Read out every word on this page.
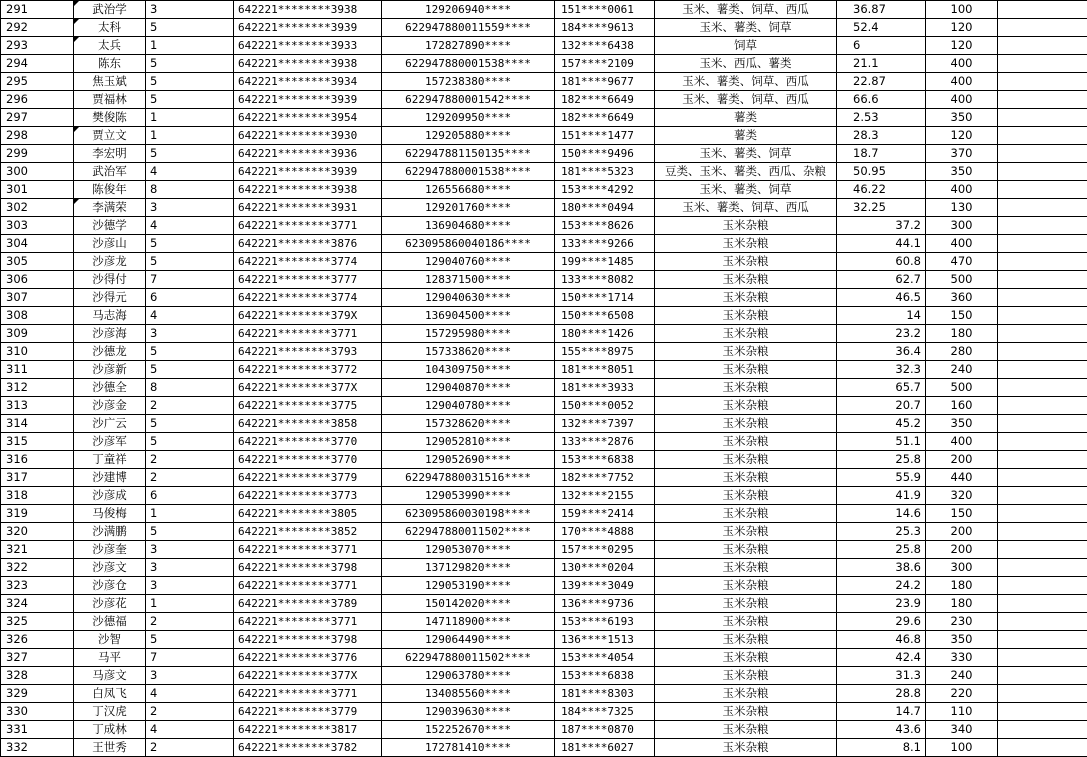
291	武治学	3	642221********3938	129206940****	151****0061	玉米、薯类、饲草、西瓜	36.87	100	
292	太科	5	642221********3939	622947880011559****	184****9613	玉米、薯类、饲草	52.4	120	
293	太兵	1	642221********3933	172827890****	132****6438	饲草	6	120	
294	陈东	5	642221********3938	622947880001538****	157****2109	玉米、西瓜、薯类	21.1	400	
295	焦玉斌	5	642221********3934	157238380****	181****9677	玉米、薯类、饲草、西瓜	22.87	400	
296	贾福林	5	642221********3939	622947880001542****	182****6649	玉米、薯类、饲草、西瓜	66.6	400	
297	樊俊陈	1	642221********3954	129209950****	182****6649	薯类	2.53	350	
298	贾立文	1	642221********3930	129205880****	151****1477	薯类	28.3	120	
299	李宏明	5	642221********3936	622947881150135****	150****9496	玉米、薯类、饲草	18.7	370	
300	武治军	4	642221********3939	622947880001538****	181****5323	豆类、玉米、薯类、西瓜、杂粮	50.95	350	
301	陈俊年	8	642221********3938	126556680****	153****4292	玉米、薯类、饲草	46.22	400	
302	李满荣	3	642221********3931	129201760****	180****0494	玉米、薯类、饲草、西瓜	32.25	130	
303	沙德学	4	642221********3771	136904680****	153****8626	玉米杂粮	37.2	300	
304	沙彦山	5	642221********3876	623095860040186****	133****9266	玉米杂粮	44.1	400	
305	沙彦龙	5	642221********3774	129040760****	199****1485	玉米杂粮	60.8	470	
306	沙得付	7	642221********3777	128371500****	133****8082	玉米杂粮	62.7	500	
307	沙得元	6	642221********3774	129040630****	150****1714	玉米杂粮	46.5	360	
308	马志海	4	642221********379X	136904500****	150****6508	玉米杂粮	14	150	
309	沙彦海	3	642221********3771	157295980****	180****1426	玉米杂粮	23.2	180	
310	沙德龙	5	642221********3793	157338620****	155****8975	玉米杂粮	36.4	280	
311	沙彦新	5	642221********3772	104309750****	181****8051	玉米杂粮	32.3	240	
312	沙德全	8	642221********377X	129040870****	181****3933	玉米杂粮	65.7	500	
313	沙彦金	2	642221********3775	129040780****	150****0052	玉米杂粮	20.7	160	
314	沙广云	5	642221********3858	157328620****	132****7397	玉米杂粮	45.2	350	
315	沙彦军	5	642221********3770	129052810****	133****2876	玉米杂粮	51.1	400	
316	丁童祥	2	642221********3770	129052690****	153****6838	玉米杂粮	25.8	200	
317	沙建博	2	642221********3779	622947880031516****	182****7752	玉米杂粮	55.9	440	
318	沙彦成	6	642221********3773	129053990****	132****2155	玉米杂粮	41.9	320	
319	马俊梅	1	642221********3805	623095860030198****	159****2414	玉米杂粮	14.6	150	
320	沙满鹏	5	642221********3852	622947880011502****	170****4888	玉米杂粮	25.3	200	
321	沙彦奎	3	642221********3771	129053070****	157****0295	玉米杂粮	25.8	200	
322	沙彦文	3	642221********3798	137129820****	130****0204	玉米杂粮	38.6	300	
323	沙彦仓	3	642221********3771	129053190****	139****3049	玉米杂粮	24.2	180	
324	沙彦花	1	642221********3789	150142020****	136****9736	玉米杂粮	23.9	180	
325	沙德福	2	642221********3771	147118900****	153****6193	玉米杂粮	29.6	230	
326	沙智	5	642221********3798	129064490****	136****1513	玉米杂粮	46.8	350	
327	马平	7	642221********3776	622947880011502****	153****4054	玉米杂粮	42.4	330	
328	马彦文	3	642221********377X	129063780****	153****6838	玉米杂粮	31.3	240	
329	白凤飞	4	642221********3771	134085560****	181****8303	玉米杂粮	28.8	220	
330	丁汉虎	2	642221********3779	129039630****	184****7325	玉米杂粮	14.7	110	
331	丁成林	4	642221********3817	152252670****	187****0870	玉米杂粮	43.6	340	
332	王世秀	2	642221********3782	172781410****	181****6027	玉米杂粮	8.1	100	
